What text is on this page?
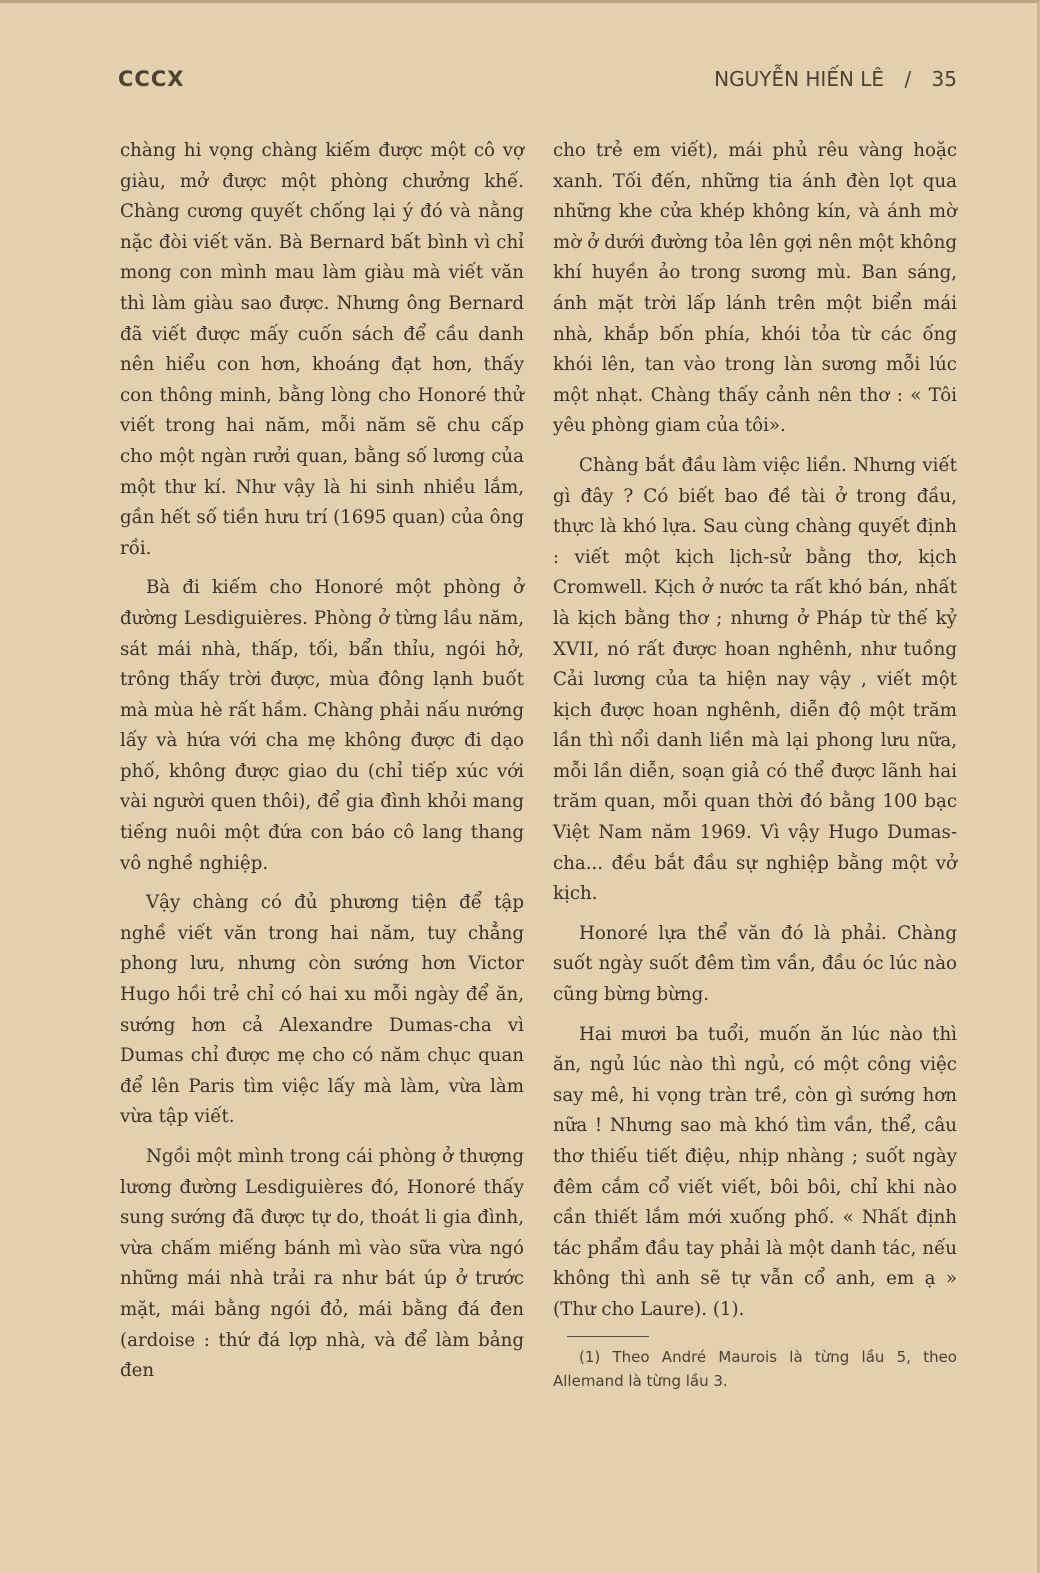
CCCX	NGUYỄN HIẾN LÊ / 35

chàng hi vọng chàng kiếm được một cô vợ giàu, mở được một phòng chưởng khế. Chàng cương quyết chống lại ý đó và nằng nặc đòi viết văn. Bà Bernard bất bình vì chỉ mong con mình mau làm giàu mà viết văn thì làm giàu sao được. Nhưng ông Bernard đã viết được mấy cuốn sách để cầu danh nên hiểu con hơn, khoáng đạt hơn, thấy con thông minh, bằng lòng cho Honoré thử viết trong hai năm, mỗi năm sẽ chu cấp cho một ngàn rưởi quan, bằng số lương của một thư kí. Như vậy là hi sinh nhiều lắm, gần hết số tiền hưu trí (1695 quan) của ông rồi.

Bà đi kiếm cho Honoré một phòng ở đường Lesdiguières. Phòng ở từng lầu năm, sát mái nhà, thấp, tối, bẩn thỉu, ngói hở, trông thấy trời được, mùa đông lạnh buốt mà mùa hè rất hầm. Chàng phải nấu nướng lấy và hứa với cha mẹ không được đi dạo phố, không được giao du (chỉ tiếp xúc với vài người quen thôi), để gia đình khỏi mang tiếng nuôi một đứa con báo cô lang thang vô nghề nghiệp.

Vậy chàng có đủ phương tiện để tập nghề viết văn trong hai năm, tuy chẳng phong lưu, nhưng còn sướng hơn Victor Hugo hồi trẻ chỉ có hai xu mỗi ngày để ăn, sướng hơn cả Alexandre Dumas-cha vì Dumas chỉ được mẹ cho có năm chục quan để lên Paris tìm việc lấy mà làm, vừa làm vừa tập viết.

Ngồi một mình trong cái phòng ở thượng lương đường Lesdiguières đó, Honoré thấy sung sướng đã được tự do, thoát li gia đình, vừa chấm miếng bánh mì vào sữa vừa ngó những mái nhà trải ra như bát úp ở trước mặt, mái bằng ngói đỏ, mái bằng đá đen (ardoise : thứ đá lợp nhà, và để làm bảng đen

cho trẻ em viết), mái phủ rêu vàng hoặc xanh. Tối đến, những tia ánh đèn lọt qua những khe cửa khép không kín, và ánh mờ mờ ở dưới đường tỏa lên gợi nên một không khí huyền ảo trong sương mù. Ban sáng, ánh mặt trời lấp lánh trên một biển mái nhà, khắp bốn phía, khói tỏa từ các ống khói lên, tan vào trong làn sương mỗi lúc một nhạt. Chàng thấy cảnh nên thơ : « Tôi yêu phòng giam của tôi».

Chàng bắt đầu làm việc liền. Nhưng viết gì đây ? Có biết bao đề tài ở trong đầu, thực là khó lựa. Sau cùng chàng quyết định : viết một kịch lịch-sử bằng thơ, kịch Cromwell. Kịch ở nước ta rất khó bán, nhất là kịch bằng thơ ; nhưng ở Pháp từ thế kỷ XVII, nó rất được hoan nghênh, như tuồng Cải lương của ta hiện nay vậy , viết một kịch được hoan nghênh, diễn độ một trăm lần thì nổi danh liền mà lại phong lưu nữa, mỗi lần diễn, soạn giả có thể được lãnh hai trăm quan, mỗi quan thời đó bằng 100 bạc Việt Nam năm 1969. Vì vậy Hugo Dumas-cha... đều bắt đầu sự nghiệp bằng một vở kịch.

Honoré lựa thể văn đó là phải. Chàng suốt ngày suốt đêm tìm vần, đầu óc lúc nào cũng bừng bừng.

Hai mươi ba tuổi, muốn ăn lúc nào thì ăn, ngủ lúc nào thì ngủ, có một công việc say mê, hi vọng tràn trề, còn gì sướng hơn nữa ! Nhưng sao mà khó tìm vần, thể, câu thơ thiếu tiết điệu, nhịp nhàng ; suốt ngày đêm cắm cổ viết viết, bôi bôi, chỉ khi nào cần thiết lắm mới xuống phố. « Nhất định tác phẩm đầu tay phải là một danh tác, nếu không thì anh sẽ tự vẫn cổ anh, em ạ » (Thư cho Laure). (1).

(1) Theo André Maurois là từng lầu 5, theo Allemand là từng lầu 3.
